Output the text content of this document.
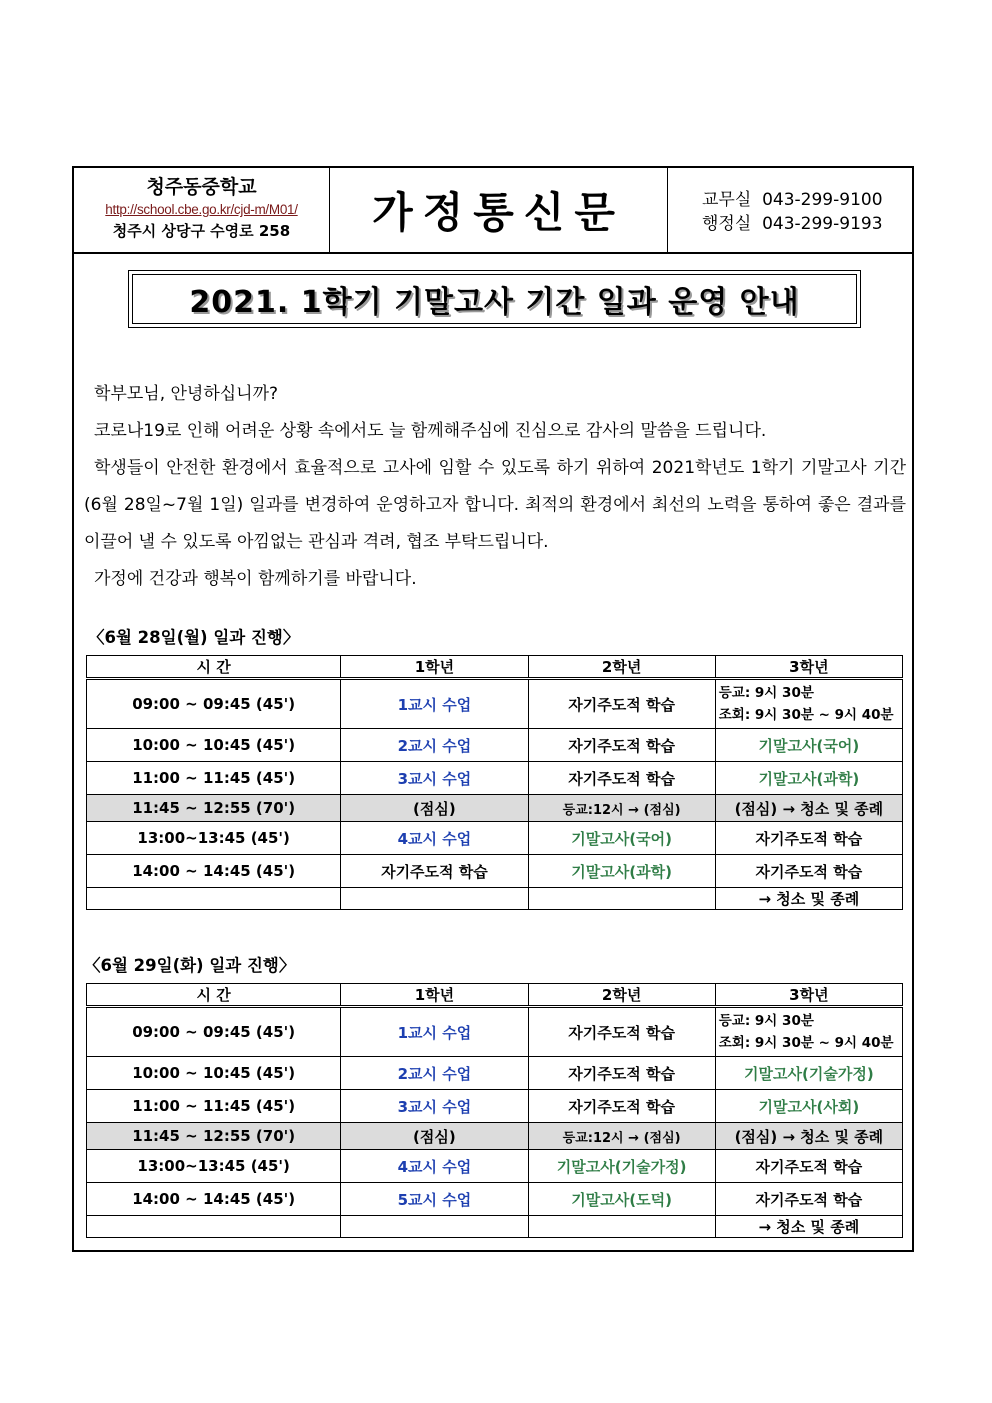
청주동중학교
http://school.cbe.go.kr/cjd-m/M01/
청주시 상당구 수영로 258	가정통신문	교무실 043-299-9100
행정실 043-299-9193
2021. 1학기 기말고사 기간 일과 운영 안내

학부모님, 안녕하십니까?

코로나19로 인해 어려운 상황 속에서도 늘 함께해주심에 진심으로 감사의 말씀을 드립니다.

학생들이 안전한 환경에서 효율적으로 고사에 임할 수 있도록 하기 위하여 2021학년도 1학기 기말고사 기간(6월 28일~7월 1일) 일과를 변경하여 운영하고자 합니다. 최적의 환경에서 최선의 노력을 통하여 좋은 결과를 이끌어 낼 수 있도록 아낌없는 관심과 격려, 협조 부탁드립니다.

가정에 건강과 행복이 함께하기를 바랍니다.

〈6월 28일(월) 일과 진행〉
시 간	1학년	2학년	3학년
09:00 ~ 09:45 (45')	1교시 수업	자기주도적 학습	등교: 9시 30분
조회: 9시 30분 ~ 9시 40분

10:00 ~ 10:45 (45')	2교시 수업	자기주도적 학습	기말고사(국어)
11:00 ~ 11:45 (45')	3교시 수업	자기주도적 학습	기말고사(과학)
11:45 ~ 12:55 (70')	(점심)	등교:12시 → (점심)	(점심) → 청소 및 종례
13:00~13:45 (45')	4교시 수업	기말고사(국어)	자기주도적 학습
14:00 ~ 14:45 (45')	자기주도적 학습	기말고사(과학)	자기주도적 학습
			→ 청소 및 종례
〈6월 29일(화) 일과 진행〉
시 간	1학년	2학년	3학년
09:00 ~ 09:45 (45')	1교시 수업	자기주도적 학습	등교: 9시 30분
조회: 9시 30분 ~ 9시 40분

10:00 ~ 10:45 (45')	2교시 수업	자기주도적 학습	기말고사(기술가정)
11:00 ~ 11:45 (45')	3교시 수업	자기주도적 학습	기말고사(사회)
11:45 ~ 12:55 (70')	(점심)	등교:12시 → (점심)	(점심) → 청소 및 종례
13:00~13:45 (45')	4교시 수업	기말고사(기술가정)	자기주도적 학습
14:00 ~ 14:45 (45')	5교시 수업	기말고사(도덕)	자기주도적 학습
			→ 청소 및 종례
